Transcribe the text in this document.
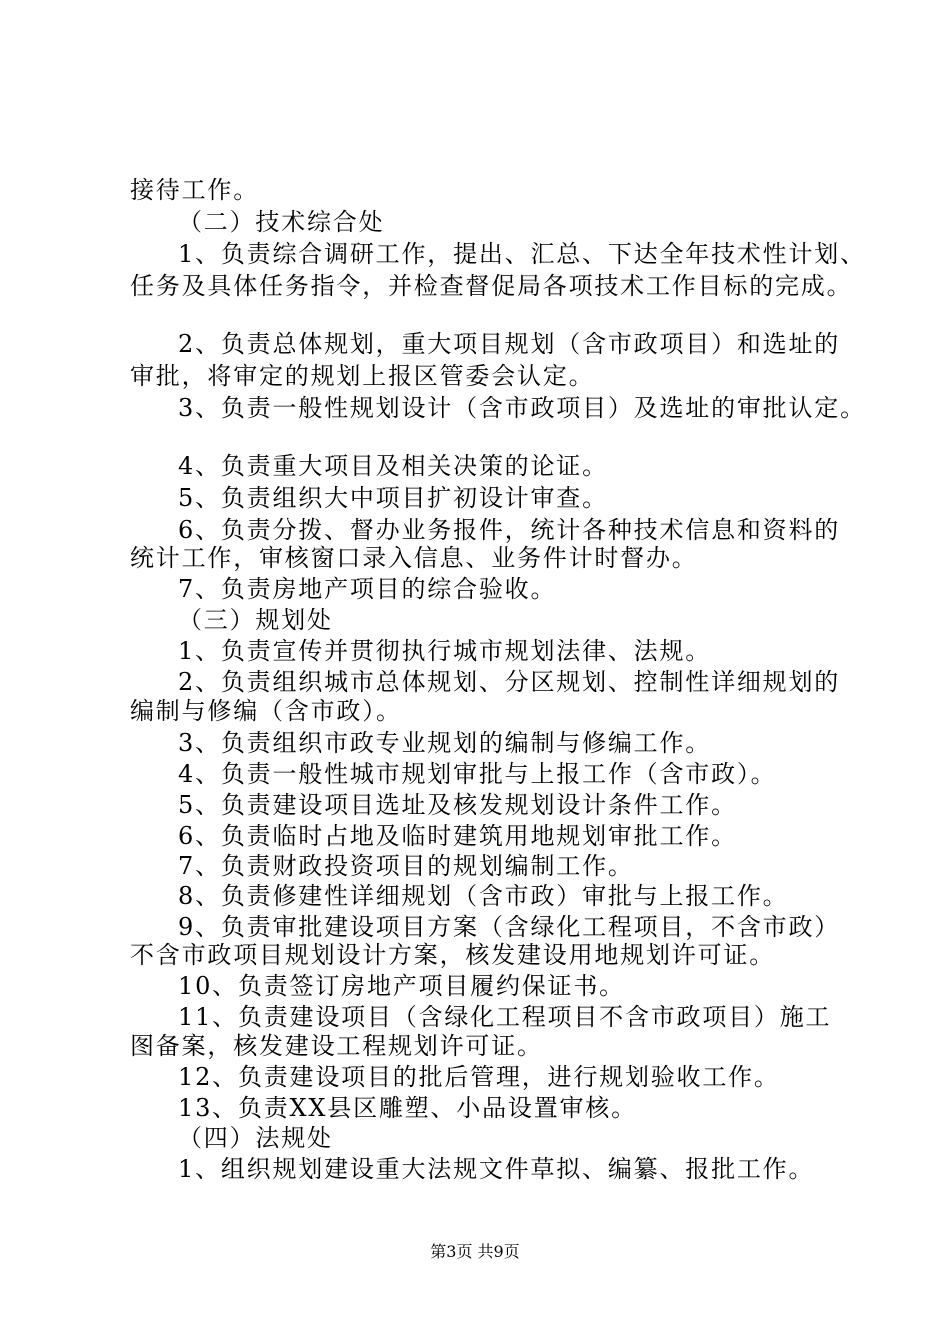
接待工作。
（二）技术综合处
1、负责综合调研工作，提出、汇总、下达全年技术性计划、
任务及具体任务指令，并检查督促局各项技术工作目标的完成。
2、负责总体规划，重大项目规划（含市政项目）和选址的
审批，将审定的规划上报区管委会认定。
3、负责一般性规划设计（含市政项目）及选址的审批认定。
4、负责重大项目及相关决策的论证。
5、负责组织大中项目扩初设计审查。
6、负责分拨、督办业务报件，统计各种技术信息和资料的
统计工作，审核窗口录入信息、业务件计时督办。
7、负责房地产项目的综合验收。
（三）规划处
1、负责宣传并贯彻执行城市规划法律、法规。
2、负责组织城市总体规划、分区规划、控制性详细规划的
编制与修编（含市政）。
3、负责组织市政专业规划的编制与修编工作。
4、负责一般性城市规划审批与上报工作（含市政）。
5、负责建设项目选址及核发规划设计条件工作。
6、负责临时占地及临时建筑用地规划审批工作。
7、负责财政投资项目的规划编制工作。
8、负责修建性详细规划（含市政）审批与上报工作。
9、负责审批建设项目方案（含绿化工程项目，不含市政）
不含市政项目规划设计方案，核发建设用地规划许可证。
10、负责签订房地产项目履约保证书。
11、负责建设项目（含绿化工程项目不含市政项目）施工
图备案，核发建设工程规划许可证。
12、负责建设项目的批后管理，进行规划验收工作。
13、负责XX县区雕塑、小品设置审核。
（四）法规处
1、组织规划建设重大法规文件草拟、编纂、报批工作。
第3页 共9页
